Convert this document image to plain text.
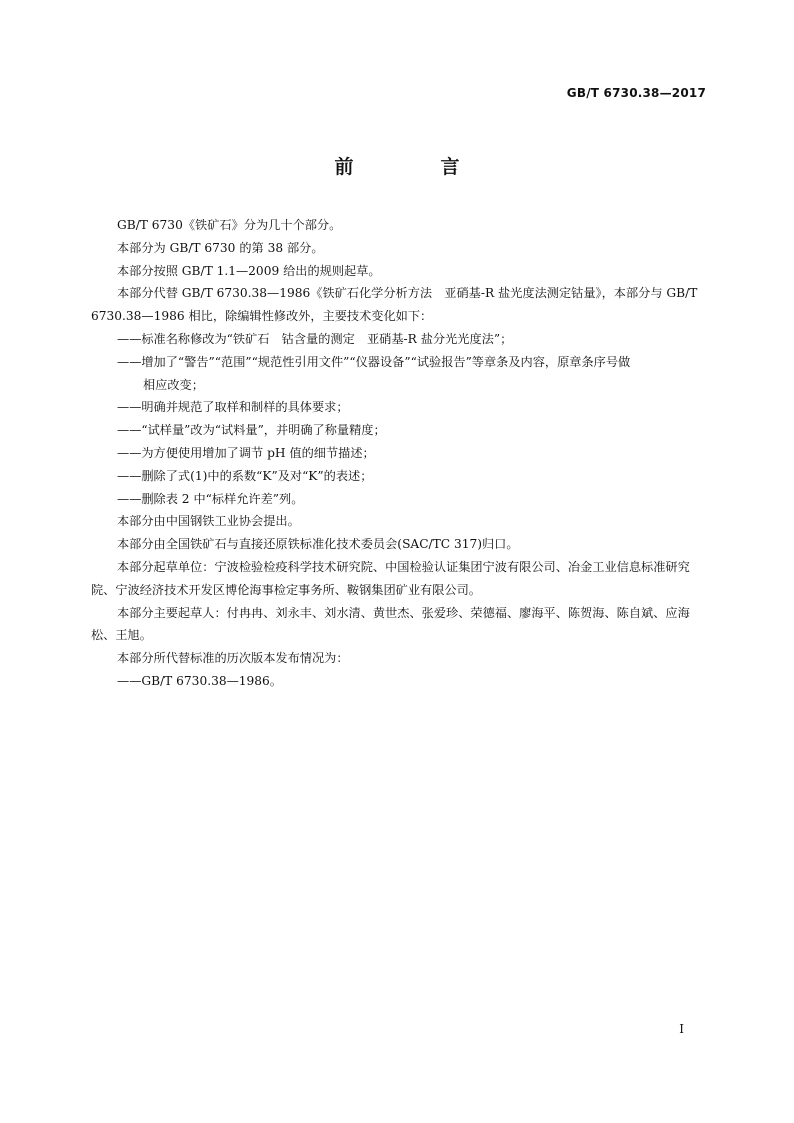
GB/T 6730.38—2017
前　言

GB/T 6730《铁矿石》分为几十个部分。

本部分为 GB/T 6730 的第 38 部分。

本部分按照 GB/T 1.1—2009 给出的规则起草。

本部分代替 GB/T 6730.38—1986《铁矿石化学分析方法　亚硝基-R 盐光度法测定钴量》，本部分与 GB/T 6730.38—1986 相比，除编辑性修改外，主要技术变化如下：

——标准名称修改为“铁矿石　钴含量的测定　亚硝基-R 盐分光光度法”；

——增加了“警告”“范围”“规范性引用文件”“仪器设备”“试验报告”等章条及内容，原章条序号做
相应改变；

——明确并规范了取样和制样的具体要求；

——“试样量”改为“试料量”，并明确了称量精度；

——为方便使用增加了调节 pH 值的细节描述；

——删除了式(1)中的系数“K”及对“K”的表述；

——删除表 2 中“标样允许差”列。

本部分由中国钢铁工业协会提出。

本部分由全国铁矿石与直接还原铁标准化技术委员会(SAC/TC 317)归口。

本部分起草单位：宁波检验检疫科学技术研究院、中国检验认证集团宁波有限公司、冶金工业信息标准研究院、宁波经济技术开发区博伦海事检定事务所、鞍钢集团矿业有限公司。

本部分主要起草人：付冉冉、刘永丰、刘水清、黄世杰、张爱珍、荣德福、廖海平、陈贺海、陈自斌、应海松、王旭。

本部分所代替标准的历次版本发布情况为：

——GB/T 6730.38—1986。

I
